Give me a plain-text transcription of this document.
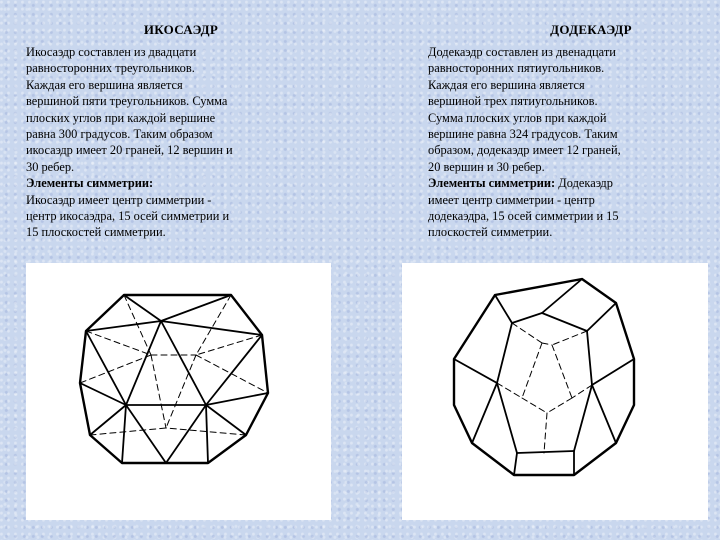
ИКОСАЭДР

Икосаэдр составлен из двадцати
равносторонних треугольников.
Каждая его вершина является
вершиной пяти треугольников. Сумма
плоских углов при каждой вершине
равна 300 градусов. Таким образом
икосаэдр имеет 20 граней, 12 вершин и
30 ребер.
Элементы симметрии:
Икосаэдр имеет центр симметрии -
центр икосаэдра, 15 осей симметрии и
15 плоскостей симметрии.

ДОДЕКАЭДР

Додекаэдр составлен из двенадцати
равносторонних пятиугольников.
Каждая его вершина является
вершиной трех пятиугольников.
Сумма плоских углов при каждой
вершине равна 324 градусов. Таким
образом, додекаэдр имеет 12 граней,
20 вершин и 30 ребер.
Элементы симметрии: Додекаэдр
имеет центр симметрии - центр
додекаэдра, 15 осей симметрии и 15
плоскостей симметрии.
